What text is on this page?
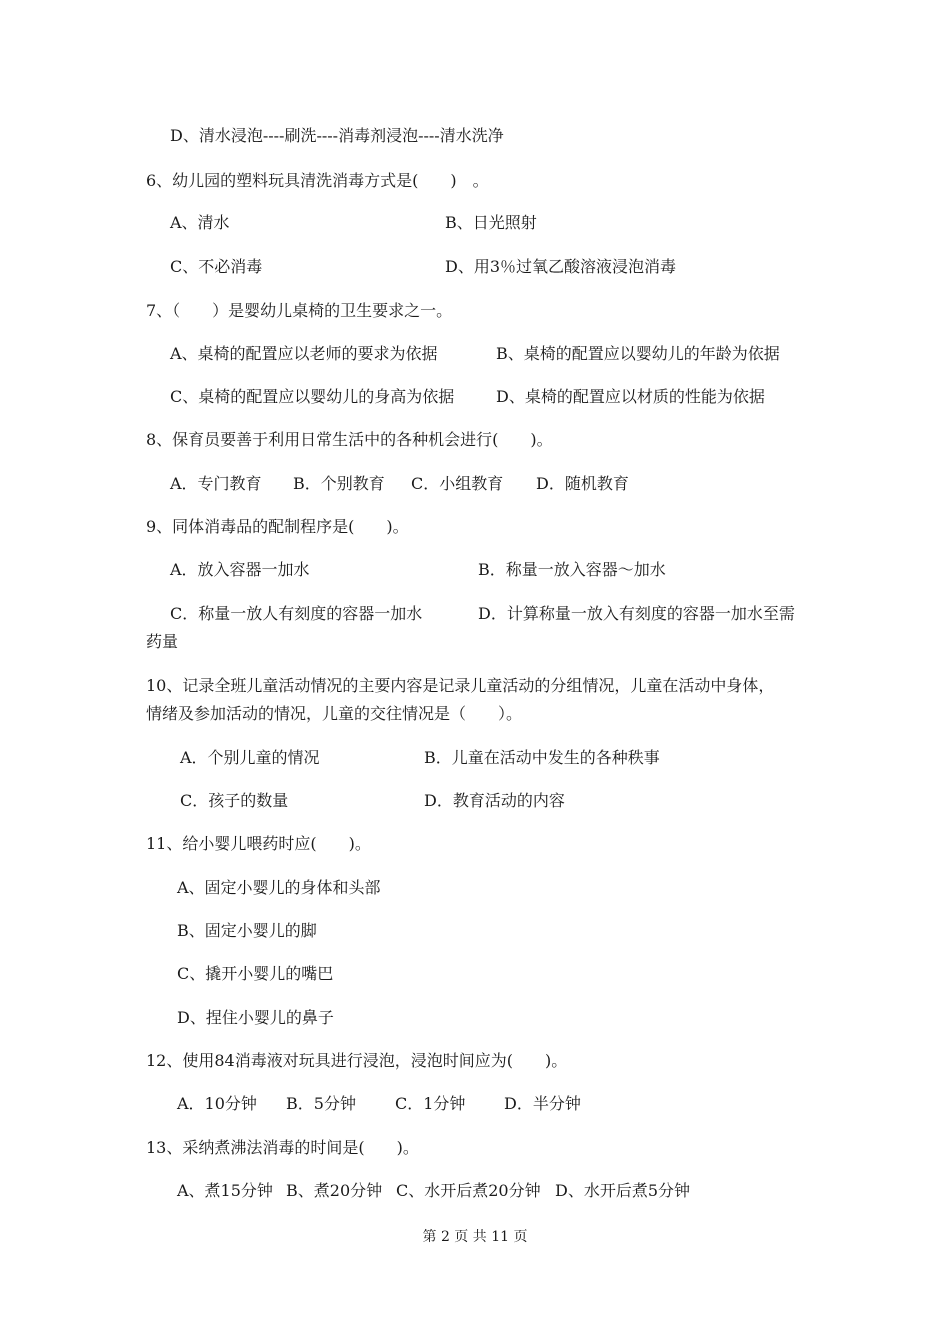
D、清水浸泡----刷洗----消毒剂浸泡----清水洗净
6、幼儿园的塑料玩具清洗消毒方式是(　　)　。
A、清水	B、日光照射
C、不必消毒	D、用3％过氧乙酸溶液浸泡消毒
7、（　　）是婴幼儿桌椅的卫生要求之一。
A、桌椅的配置应以老师的要求为依据	B、桌椅的配置应以婴幼儿的年龄为依据
C、桌椅的配置应以婴幼儿的身高为依据	D、桌椅的配置应以材质的性能为依据
8、保育员要善于利用日常生活中的各种机会进行(　　)。
A．专门教育 B．个别教育 C．小组教育 D．随机教育
9、同体消毒品的配制程序是(　　)。
A．放入容器一加水	B．称量一放入容器～加水
C．称量一放人有刻度的容器一加水	D．计算称量一放入有刻度的容器一加水至需
药量
10、记录全班儿童活动情况的主要内容是记录儿童活动的分组情况，儿童在活动中身体，
情绪及参加活动的情况，儿童的交往情况是（　　）。
A．个别儿童的情况	B．儿童在活动中发生的各种秩事
C．孩子的数量	D．教育活动的内容
11、给小婴儿喂药时应(　　)。
A、固定小婴儿的身体和头部
B、固定小婴儿的脚
C、撬开小婴儿的嘴巴
D、捏住小婴儿的鼻子
12、使用84消毒液对玩具进行浸泡，浸泡时间应为(　　)。
A．10分钟 B．5分钟 C．1分钟 D．半分钟
13、采纳煮沸法消毒的时间是(　　)。
A、煮15分钟 B、煮20分钟 C、水开后煮20分钟 D、水开后煮5分钟
第 2 页 共 11 页
